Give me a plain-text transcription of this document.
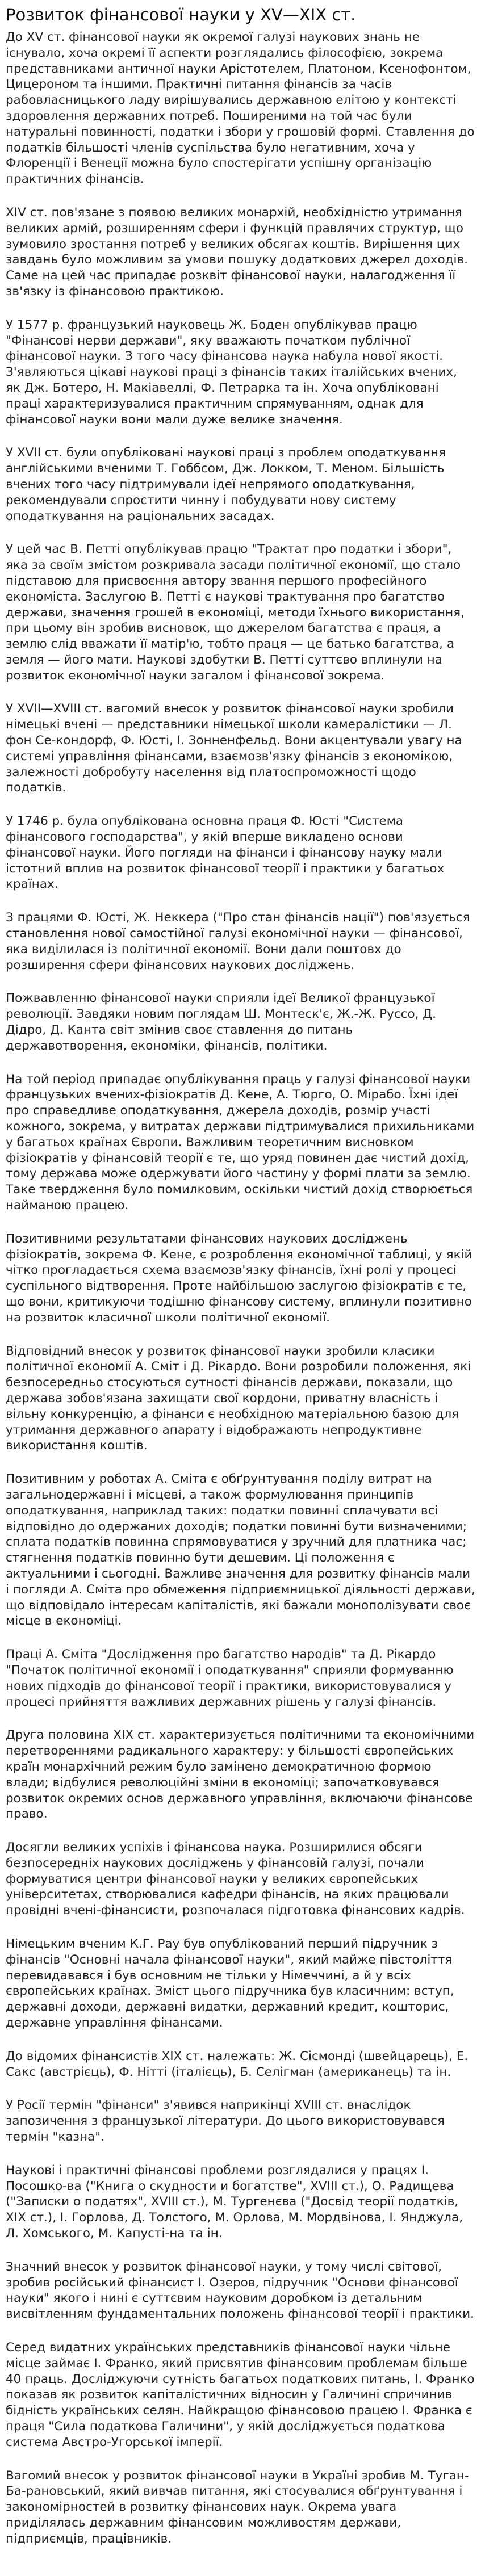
Розвиток фінансової науки у XV—XIX ст.

До XV ст. фінансової науки як окремої галузі наукових знань не існувало, хоча окремі її аспекти розглядались філософією, зокрема представниками античної науки Арістотелем, Платоном, Ксенофонтом, Цицероном та іншими. Практичні питання фінансів за часів рабовласницького ладу вирішувались державною елітою у контексті здоровлення державних потреб. Поширеними на той час були натуральні повинності, податки і збори у грошовій формі. Ставлення до податків більшості членів суспільства було негативним, хоча у Флоренції і Венеції можна було спостерігати успішну організацію практичних фінансів.

XIV ст. пов'язане з появою великих монархій, необхідністю утримання великих армій, розширенням сфери і функцій правлячих структур, що зумовило зростання потреб у великих обсягах коштів. Вирішення цих завдань було можливим за умови пошуку додаткових джерел доходів. Саме на цей час припадає розквіт фінансової науки, налагодження її зв'язку із фінансовою практикою.

У 1577 р. французький науковець Ж. Боден опублікував працю "Фінансові нерви держави", яку вважають початком публічної фінансової науки. З того часу фінансова наука набула нової якості. З'являються цікаві наукові праці з фінансів таких італійських вчених, як Дж. Ботеро, Н. Макіавеллі, Ф. Петрарка та ін. Хоча опубліковані праці характеризувалися практичним спрямуванням, однак для фінансової науки вони мали дуже велике значення.

У XVII ст. були опубліковані наукові праці з проблем оподаткування англійськими вченими Т. Гоббсом, Дж. Локком, Т. Меном. Більшість вчених того часу підтримували ідеї непрямого оподаткування, рекомендували спростити чинну і побудувати нову систему оподаткування на раціональних засадах.

У цей час В. Петті опублікував працю "Трактат про податки і збори", яка за своїм змістом розкривала засади політичної економії, що стало підставою для присвоєння автору звання першого професійного економіста. Заслугою В. Петті є наукові трактування про багатство держави, значення грошей в економіці, методи їхнього використання, при цьому він зробив висновок, що джерелом багатства є праця, а землю слід вважати її матір'ю, тобто праця — це батько багатства, а земля — його мати. Наукові здобутки В. Петті суттєво вплинули на розвиток економічної науки загалом і фінансової зокрема.

У XVII—XVIII ст. вагомий внесок у розвиток фінансової науки зробили німецькі вчені — представники німецької школи камералістики — Л. фон Се-кондорф, Ф. Юсті, І. Зонненфельд. Вони акцентували увагу на системі управління фінансами, взаємозв'язку фінансів з економікою, залежності добробуту населення від платоспроможності щодо податків.

У 1746 р. була опублікована основна праця Ф. Юсті "Система фінансового господарства", у якій вперше викладено основи фінансової науки. Його погляди на фінанси і фінансову науку мали істотний вплив на розвиток фінансової теорії і практики у багатьох країнах.

З працями Ф. Юсті, Ж. Неккера ("Про стан фінансів нації") пов'язується становлення нової самостійної галузі економічної науки — фінансової, яка виділилася із політичної економії. Вони дали поштовх до розширення сфери фінансових наукових досліджень.

Пожвавленню фінансової науки сприяли ідеї Великої французької революції. Завдяки новим поглядам Ш. Монтеск'є, Ж.-Ж. Руссо, Д. Дідро, Д. Канта світ змінив своє ставлення до питань державотворення, економіки, фінансів, політики.

На той період припадає опублікування праць у галузі фінансової науки французьких вчених-фізіократів Д. Кене, А. Тюрго, О. Мірабо. Їхні ідеї про справедливе оподаткування, джерела доходів, розмір участі кожного, зокрема, у витратах держави підтримувалися прихильниками у багатьох країнах Європи. Важливим теоретичним висновком фізіократів у фінансовій теорії є те, що уряд повинен дає чистий дохід, тому держава може одержувати його частину у формі плати за землю. Таке твердження було помилковим, оскільки чистий дохід створюється найманою працею.

Позитивними результатами фінансових наукових досліджень фізіократів, зокрема Ф. Кене, є розроблення економічної таблиці, у якій чітко прогладається схема взаємозв'язку фінансів, їхні ролі у процесі суспільного відтворення. Проте найбільшою заслугою фізіократів є те, що вони, критикуючи тодішню фінансову систему, вплинули позитивно на розвиток класичної школи політичної економії.

Відповідний внесок у розвиток фінансової науки зробили класики політичної економії А. Сміт і Д. Рікардо. Вони розробили положення, які безпосередньо стосуються сутності фінансів держави, показали, що держава зобов'язана захищати свої кордони, приватну власність і вільну конкуренцію, а фінанси є необхідною матеріальною базою для утримання державного апарату і відображають непродуктивне використання коштів.

Позитивним у роботах А. Сміта є обґрунтування поділу витрат на загальнодержавні і місцеві, а також формулювання принципів оподаткування, наприклад таких: податки повинні сплачувати всі відповідно до одержаних доходів; податки повинні бути визначеними; сплата податків повинна спрямовуватися у зручний для платника час; стягнення податків повинно бути дешевим. Ці положення є актуальними і сьогодні. Важливе значення для розвитку фінансів мали і погляди А. Сміта про обмеження підприємницької діяльності держави, що відповідало інтересам капіталістів, які бажали монополізувати своє місце в економіці.

Праці А. Сміта "Дослідження про багатство народів" та Д. Рікардо "Початок політичної економії і оподаткування" сприяли формуванню нових підходів до фінансової теорії і практики, використовувалися у процесі прийняття важливих державних рішень у галузі фінансів.

Друга половина XIX ст. характеризується політичними та економічними перетвореннями радикального характеру: у більшості європейських країн монархічний режим було замінено демократичною формою влади; відбулися революційні зміни в економіці; започатковувався розвиток окремих основ державного управління, включаючи фінансове право.

Досягли великих успіхів і фінансова наука. Розширилися обсяги безпосередніх наукових досліджень у фінансовій галузі, почали формуватися центри фінансової науки у великих європейських університетах, створювалися кафедри фінансів, на яких працювали провідні вчені-фінансисти, розпочалася підготовка фінансових кадрів.

Німецьким вченим К.Г. Рау був опублікований перший підручник з фінансів "Основні начала фінансової науки", який майже півстоліття перевидавався і був основним не тільки у Німеччині, а й у всіх європейських країнах. Зміст цього підручника був класичним: вступ, державні доходи, державні видатки, державний кредит, кошторис, державне управління фінансами.

До відомих фінансистів XIX ст. належать: Ж. Сісмонді (швейцарець), Е. Сакс (австрієць), Ф. Нітті (італієць), Б. Селігман (американець) та ін.

У Росії термін "фінанси" з'явився наприкінці XVIII ст. внаслідок запозичення з французької літератури. До цього використовувався термін "казна".

Наукові і практичні фінансові проблеми розглядалися у працях І. Посошко-ва ("Книга о скудности и богатстве", XVIII ст.), О. Радищева ("Записки о податях", XVIII ст.), М. Тургенєва ("Досвід теорії податків, XIX ст.), І. Горлова, Д. Толстого, М. Орлова, М. Мордвінова, І. Янджула, Л. Хомського, М. Капусті-на та ін.

Значний внесок у розвиток фінансової науки, у тому числі світової, зробив російський фінансист І. Озеров, підручник "Основи фінансової науки" якого і нині є суттєвим науковим доробком із детальним висвітленням фундаментальних положень фінансової теорії і практики.

Серед видатних українських представників фінансової науки чільне місце займає І. Франко, який присвятив фінансовим проблемам більше 40 праць. Досліджуючи сутність багатьох податкових питань, І. Франко показав як розвиток капіталістичних відносин у Галичині спричинив бідність українських селян. Найкращою фінансовою працею І. Франка є праця "Сила податкова Галичини", у якій досліджується податкова система Австро-Угорської імперії.

Вагомий внесок у розвиток фінансової науки в Україні зробив М. Туган-Ба-рановський, який вивчав питання, які стосувалися обґрунтування і закономірностей в розвитку фінансових наук. Окрема увага приділялась державним фінансовим можливостям держави, підприємців, працівників.
